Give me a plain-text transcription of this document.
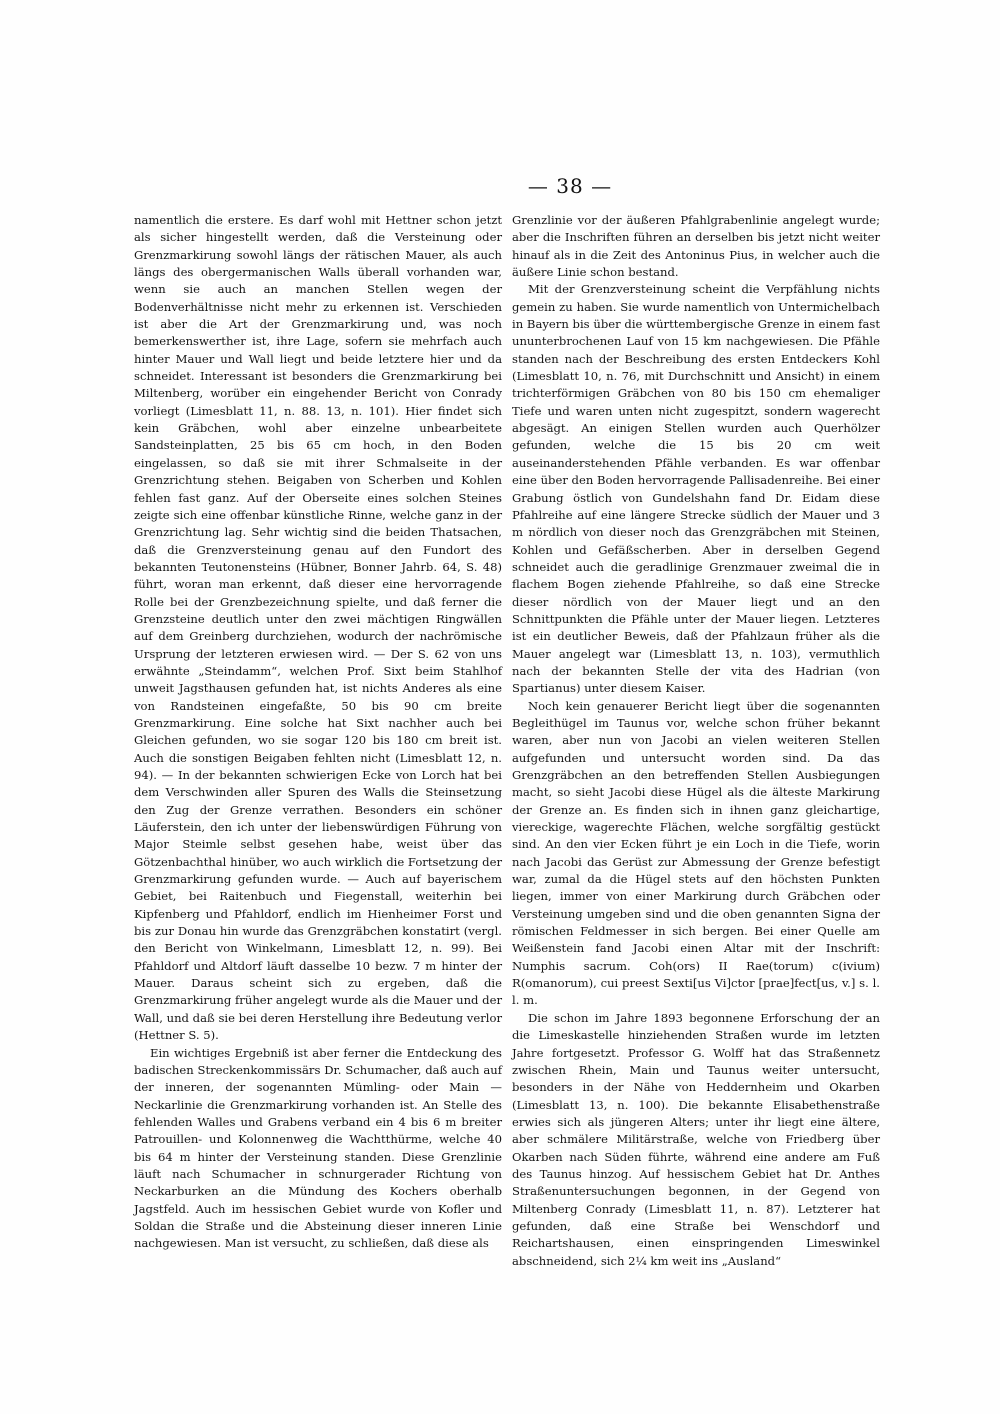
— 38 —

namentlich die erstere. Es darf wohl mit Hettner schon jetzt als sicher hingestellt werden, daß die Versteinung oder Grenzmarkirung sowohl längs der rätischen Mauer, als auch längs des obergermanischen Walls überall vorhanden war, wenn sie auch an manchen Stellen wegen der Bodenverhältnisse nicht mehr zu erkennen ist. Verschieden ist aber die Art der Grenzmarkirung und, was noch bemerkenswerther ist, ihre Lage, sofern sie mehrfach auch hinter Mauer und Wall liegt und beide letztere hier und da schneidet. Interessant ist besonders die Grenzmarkirung bei Miltenberg, worüber ein eingehender Bericht von Conrady vorliegt (Limesblatt 11, n. 88. 13, n. 101). Hier findet sich kein Gräbchen, wohl aber einzelne unbearbeitete Sandsteinplatten, 25 bis 65 cm hoch, in den Boden eingelassen, so daß sie mit ihrer Schmalseite in der Grenzrichtung stehen. Beigaben von Scherben und Kohlen fehlen fast ganz. Auf der Oberseite eines solchen Steines zeigte sich eine offenbar künstliche Rinne, welche ganz in der Grenzrichtung lag. Sehr wichtig sind die beiden Thatsachen, daß die Grenzversteinung genau auf den Fundort des bekannten Teutonensteins (Hübner, Bonner Jahrb. 64, S. 48) führt, woran man erkennt, daß dieser eine hervorragende Rolle bei der Grenzbezeichnung spielte, und daß ferner die Grenzsteine deutlich unter den zwei mächtigen Ringwällen auf dem Greinberg durchziehen, wodurch der nachrömische Ursprung der letzteren erwiesen wird. — Der S. 62 von uns erwähnte „Steindamm“, welchen Prof. Sixt beim Stahlhof unweit Jagsthausen gefunden hat, ist nichts Anderes als eine von Randsteinen eingefaßte, 50 bis 90 cm breite Grenzmarkirung. Eine solche hat Sixt nachher auch bei Gleichen gefunden, wo sie sogar 120 bis 180 cm breit ist. Auch die sonstigen Beigaben fehlten nicht (Limesblatt 12, n. 94). — In der bekannten schwierigen Ecke von Lorch hat bei dem Verschwinden aller Spuren des Walls die Steinsetzung den Zug der Grenze verrathen. Besonders ein schöner Läuferstein, den ich unter der liebenswürdigen Führung von Major Steimle selbst gesehen habe, weist über das Götzenbachthal hinüber, wo auch wirklich die Fortsetzung der Grenzmarkirung gefunden wurde. — Auch auf bayerischem Gebiet, bei Raitenbuch und Fiegenstall, weiterhin bei Kipfenberg und Pfahldorf, endlich im Hienheimer Forst und bis zur Donau hin wurde das Grenzgräbchen konstatirt (vergl. den Bericht von Winkelmann, Limesblatt 12, n. 99). Bei Pfahldorf und Altdorf läuft dasselbe 10 bezw. 7 m hinter der Mauer. Daraus scheint sich zu ergeben, daß die Grenzmarkirung früher angelegt wurde als die Mauer und der Wall, und daß sie bei deren Herstellung ihre Bedeutung verlor (Hettner S. 5).

Ein wichtiges Ergebniß ist aber ferner die Entdeckung des badischen Streckenkommissärs Dr. Schumacher, daß auch auf der inneren, der sogenannten Mümling- oder Main — Neckarlinie die Grenzmarkirung vorhanden ist. An Stelle des fehlenden Walles und Grabens verband ein 4 bis 6 m breiter Patrouillen- und Kolonnenweg die Wachtthürme, welche 40 bis 64 m hinter der Versteinung standen. Diese Grenzlinie läuft nach Schumacher in schnurgerader Richtung von Neckarburken an die Mündung des Kochers oberhalb Jagstfeld. Auch im hessischen Gebiet wurde von Kofler und Soldan die Straße und die Absteinung dieser inneren Linie nachgewiesen. Man ist versucht, zu schließen, daß diese als

Grenzlinie vor der äußeren Pfahlgrabenlinie angelegt wurde; aber die Inschriften führen an derselben bis jetzt nicht weiter hinauf als in die Zeit des Antoninus Pius, in welcher auch die äußere Linie schon bestand.

Mit der Grenzversteinung scheint die Verpfählung nichts gemein zu haben. Sie wurde namentlich von Untermichelbach in Bayern bis über die württembergische Grenze in einem fast ununterbrochenen Lauf von 15 km nachgewiesen. Die Pfähle standen nach der Beschreibung des ersten Entdeckers Kohl (Limesblatt 10, n. 76, mit Durchschnitt und Ansicht) in einem trichterförmigen Gräbchen von 80 bis 150 cm ehemaliger Tiefe und waren unten nicht zugespitzt, sondern wagerecht abgesägt. An einigen Stellen wurden auch Querhölzer gefunden, welche die 15 bis 20 cm weit auseinanderstehenden Pfähle verbanden. Es war offenbar eine über den Boden hervorragende Pallisadenreihe. Bei einer Grabung östlich von Gundelshahn fand Dr. Eidam diese Pfahlreihe auf eine längere Strecke südlich der Mauer und 3 m nördlich von dieser noch das Grenzgräbchen mit Steinen, Kohlen und Gefäßscherben. Aber in derselben Gegend schneidet auch die geradlinige Grenzmauer zweimal die in flachem Bogen ziehende Pfahlreihe, so daß eine Strecke dieser nördlich von der Mauer liegt und an den Schnittpunkten die Pfähle unter der Mauer liegen. Letzteres ist ein deutlicher Beweis, daß der Pfahlzaun früher als die Mauer angelegt war (Limesblatt 13, n. 103), vermuthlich nach der bekannten Stelle der vita des Hadrian (von Spartianus) unter diesem Kaiser.

Noch kein genauerer Bericht liegt über die sogenannten Begleithügel im Taunus vor, welche schon früher bekannt waren, aber nun von Jacobi an vielen weiteren Stellen aufgefunden und untersucht worden sind. Da das Grenzgräbchen an den betreffenden Stellen Ausbiegungen macht, so sieht Jacobi diese Hügel als die älteste Markirung der Grenze an. Es finden sich in ihnen ganz gleichartige, viereckige, wagerechte Flächen, welche sorgfältig gestückt sind. An den vier Ecken führt je ein Loch in die Tiefe, worin nach Jacobi das Gerüst zur Abmessung der Grenze befestigt war, zumal da die Hügel stets auf den höchsten Punkten liegen, immer von einer Markirung durch Gräbchen oder Versteinung umgeben sind und die oben genannten Signa der römischen Feldmesser in sich bergen. Bei einer Quelle am Weißenstein fand Jacobi einen Altar mit der Inschrift: Numphis sacrum. Coh(ors) II Rae(torum) c(ivium) R(omanorum), cui preest Sexti[us Vi]ctor [prae]fect[us, v.] s. l. l. m.

Die schon im Jahre 1893 begonnene Erforschung der an die Limeskastelle hinziehenden Straßen wurde im letzten Jahre fortgesetzt. Professor G. Wolff hat das Straßennetz zwischen Rhein, Main und Taunus weiter untersucht, besonders in der Nähe von Heddernheim und Okarben (Limesblatt 13, n. 100). Die bekannte Elisabethenstraße erwies sich als jüngeren Alters; unter ihr liegt eine ältere, aber schmälere Militärstraße, welche von Friedberg über Okarben nach Süden führte, während eine andere am Fuß des Taunus hinzog. Auf hessischem Gebiet hat Dr. Anthes Straßenuntersuchungen begonnen, in der Gegend von Miltenberg Conrady (Limesblatt 11, n. 87). Letzterer hat gefunden, daß eine Straße bei Wenschdorf und Reichartshausen, einen einspringenden Limeswinkel abschneidend, sich 2¼ km weit ins „Ausland“
